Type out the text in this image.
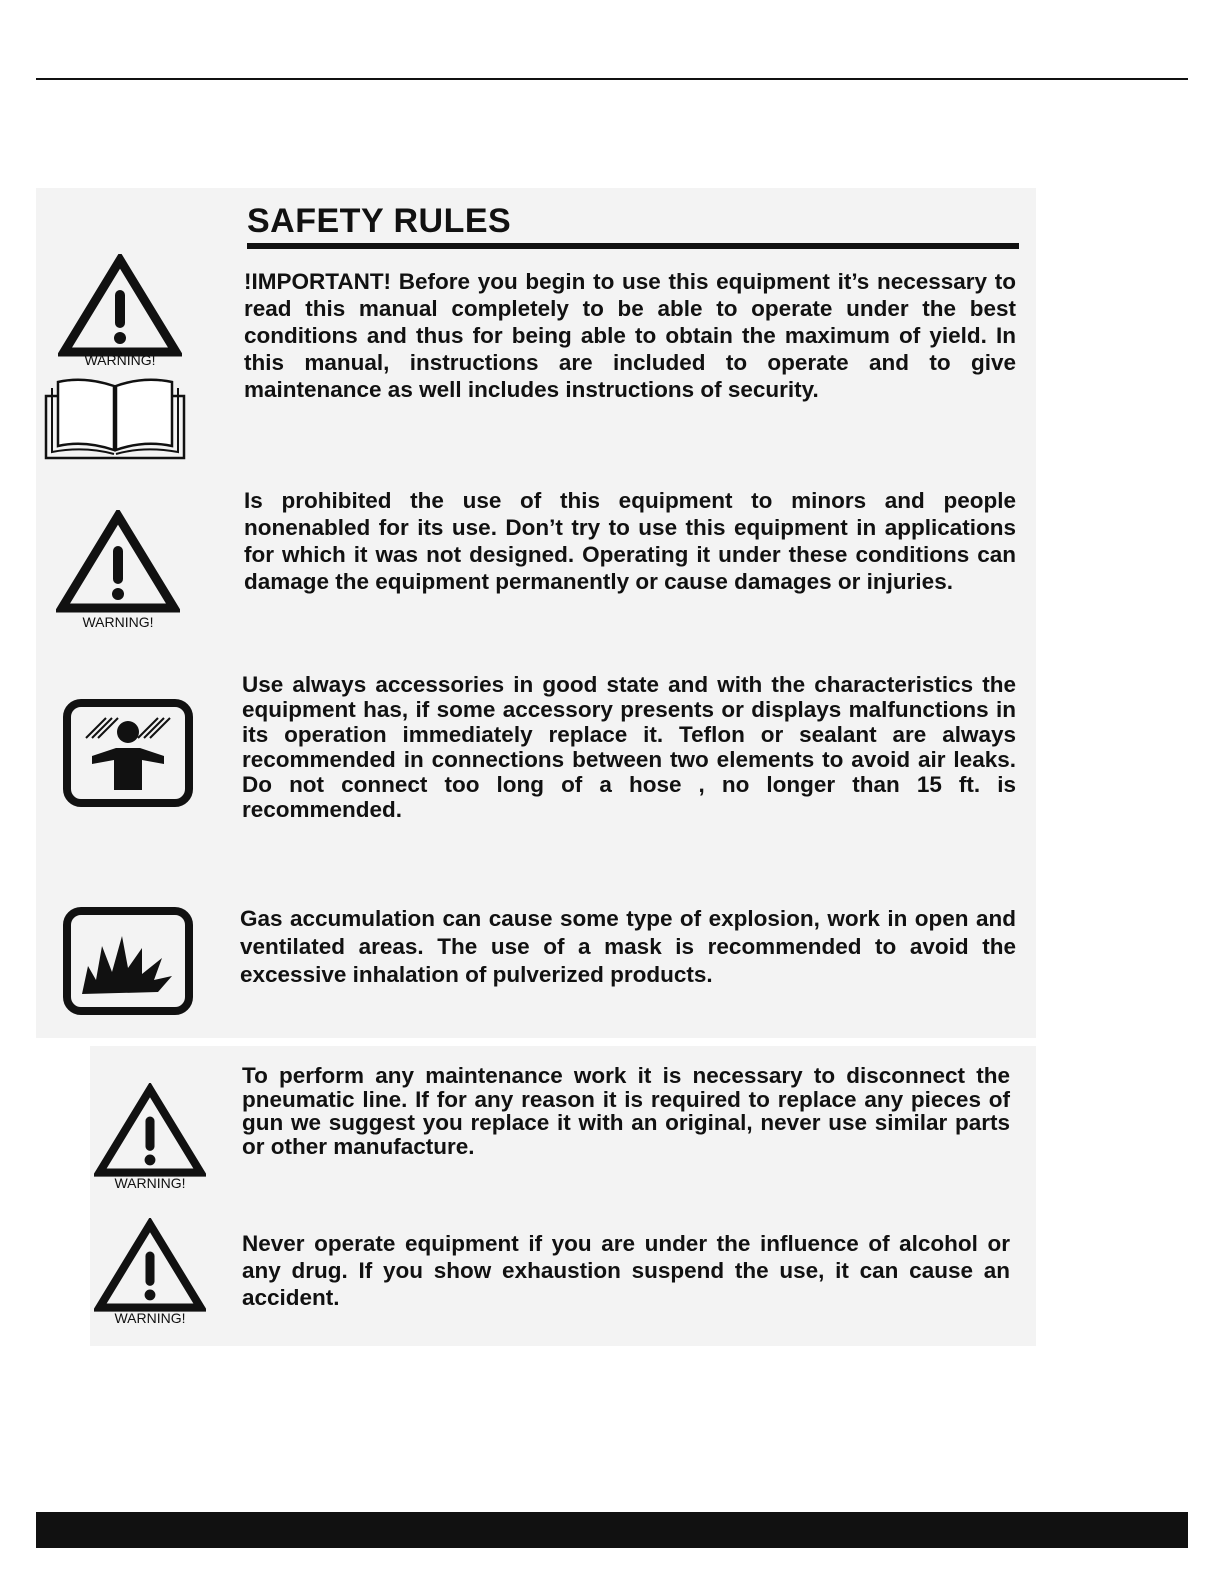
SAFETY RULES
WARNING!

!IMPORTANT! Before you begin to use this equipment it’s necessary to read this manual completely to be able to operate under the best conditions and thus for being able to obtain the maximum of yield. In this manual, instructions are included to operate and to give maintenance as well includes instructions of security.

WARNING!

Is prohibited the use of this equipment to minors and people nonenabled for its use. Don’t try to use this equipment in applications for which it was not designed. Operating it under these conditions can damage the equipment permanently or cause damages or injuries.

Use always accessories in good state and with the characteristics the equipment has, if some accessory presents or displays malfunctions in its operation immediately replace it. Teflon or sealant are always recommended in connections between two elements to avoid air leaks. Do not connect too long of a hose , no longer than 15 ft. is recommended.

Gas accumulation can cause some type of explosion, work in open and ventilated areas. The use of a mask is recommended to avoid the excessive inhalation of pulverized products.

WARNING!

To perform any maintenance work it is necessary to disconnect the pneumatic line. If for any reason it is required to replace any pieces of gun we suggest you replace it with an original, never use similar parts or other manufacture.

WARNING!

Never operate equipment if you are under the influence of alcohol or any drug. If you show exhaustion suspend the use, it can cause an accident.
